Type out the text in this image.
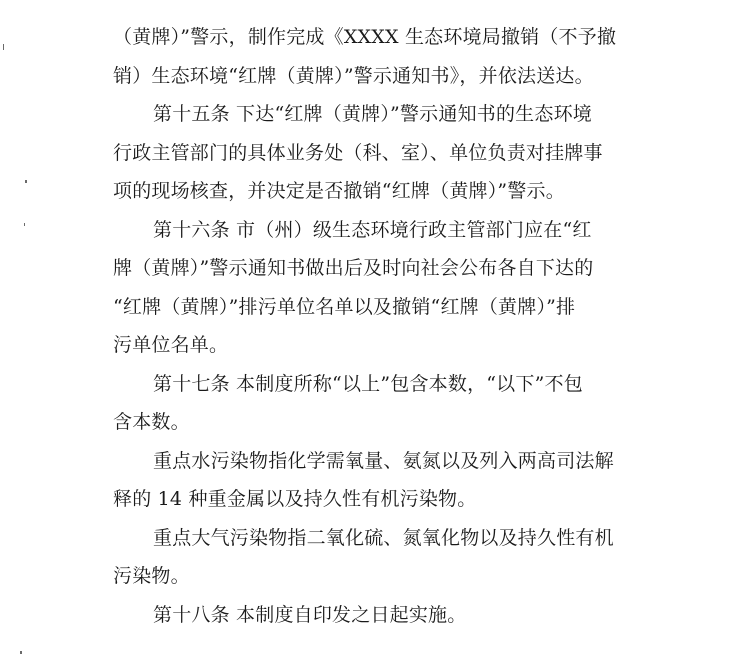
（黄牌）”警示，制作完成《XXXX 生态环境局撤销（不予撤
销）生态环境“红牌（黄牌）”警示通知书》，并依法送达。
第十五条 下达“红牌（黄牌）”警示通知书的生态环境
行政主管部门的具体业务处（科、室）、单位负责对挂牌事
项的现场核查，并决定是否撤销“红牌（黄牌）”警示。
第十六条 市（州）级生态环境行政主管部门应在“红
牌（黄牌）”警示通知书做出后及时向社会公布各自下达的
“红牌（黄牌）”排污单位名单以及撤销“红牌（黄牌）”排
污单位名单。
第十七条 本制度所称“以上”包含本数，“以下”不包
含本数。
重点水污染物指化学需氧量、氨氮以及列入两高司法解
释的 14 种重金属以及持久性有机污染物。
重点大气污染物指二氧化硫、氮氧化物以及持久性有机
污染物。
第十八条 本制度自印发之日起实施。
